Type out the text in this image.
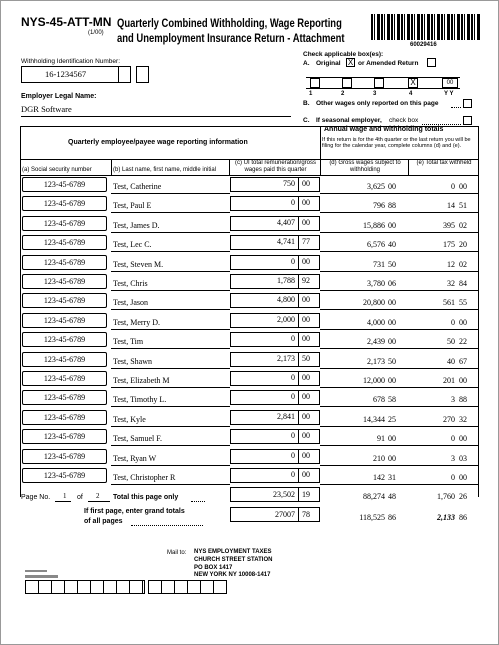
NYS-45-ATT-MN
(1/00)
Quarterly Combined Withholding, Wage Reporting
and Unemployment Insurance Return - Attachment	60029416
Withholding Identification Number:
16-1234567
Employer Legal Name:
DGR Software
Check applicable box(es):
A. Original X or Amended Return
X	00
1	2	3	4	Y Y
B. Other wages only reported on this page
C. If seasonal employer, check box
Quarterly employee/payee wage reporting information
Annual wage and withholding totals
If this return is for the 4th quarter or the last return you will be filing for the calendar year, complete columns (d) and (e).
(a) Social security number	(b) Last name, first name, middle initial
(c) UI total remuneration/gross wages paid this quarter
(d) Gross wages subject to withholding
(e) Total tax withheld
123-45-6789	Test, Catherine	750 00	3,625 00	0 00
123-45-6789	Test, Paul E	0 00	796 88	14 51
123-45-6789	Test, James D.	4,407 00	15,886 00	395 02
123-45-6789	Test, Lec C.	4,741 77	6,576 40	175 20
123-45-6789	Test, Steven M.	0 00	731 50	12 02
123-45-6789	Test, Chris	1,788 92	3,780 06	32 84
123-45-6789	Test, Jason	4,800 00	20,800 00	561 55
123-45-6789	Test, Merry D.	2,000 00	4,000 00	0 00
123-45-6789	Test, Tim	0 00	2,439 00	50 22
123-45-6789	Test, Shawn	2,173 50	2,173 50	40 67
123-45-6789	Test, Elizabeth M	0 00	12,000 00	201 00
123-45-6789	Test, Timothy L.	0 00	678 58	3 88
123-45-6789	Test, Kyle	2,841 00	14,344 25	270 32
123-45-6789	Test, Samuel F.	0 00	91 00	0 00
123-45-6789	Test, Ryan W	0 00	210 00	3 03
123-45-6789	Test, Christopher R	0 00	142 31	0 00
Page No. 1 of 2 Total this page only	23,502 19	88,274 48	1,760 26
If first page, enter grand totals
of all pages
27007 78	118,525 86	2,133 86
Mail to: NYS EMPLOYMENT TAXES
CHURCH STREET STATION
PO BOX 1417
NEW YORK NY 10008-1417
